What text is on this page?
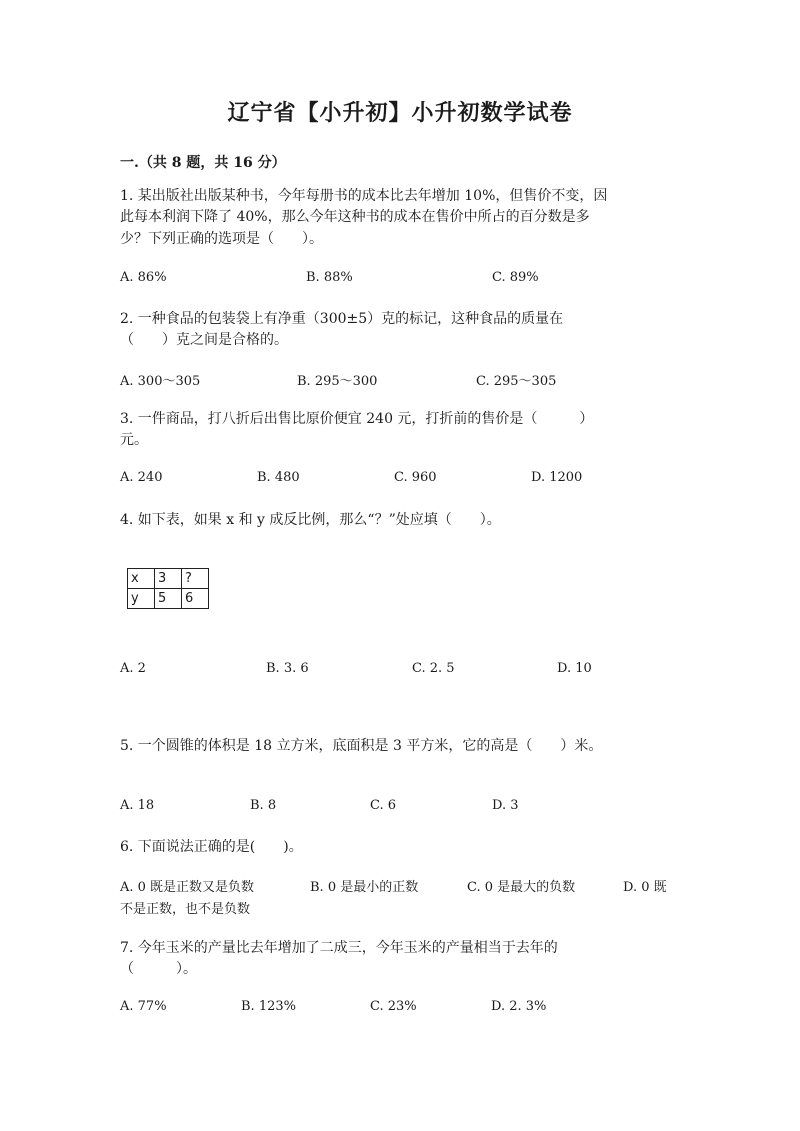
辽宁省【小升初】小升初数学试卷
一.（共 8 题，共 16 分）
1. 某出版社出版某种书，今年每册书的成本比去年增加 10%，但售价不变，因
此每本利润下降了 40%，那么今年这种书的成本在售价中所占的百分数是多
少？下列正确的选项是（　　）。
A. 86%	B. 88%	C. 89%
2. 一种食品的包装袋上有净重（300±5）克的标记，这种食品的质量在
（　　）克之间是合格的。
A. 300～305	B. 295～300	C. 295～305
3. 一件商品，打八折后出售比原价便宜 240 元，打折前的售价是（　　　）
元。
A. 240	B. 480	C. 960	D. 1200
4. 如下表，如果 x 和 y 成反比例，那么“？”处应填（　　）。
x	3	?
y	5	6
A. 2	B. 3. 6	C. 2. 5	D. 10
5. 一个圆锥的体积是 18 立方米，底面积是 3 平方米，它的高是（　　）米。
A. 18	B. 8	C. 6	D. 3
6. 下面说法正确的是(　　)。
A. 0 既是正数又是负数	B. 0 是最小的正数	C. 0 是最大的负数	D. 0 既
不是正数，也不是负数
7. 今年玉米的产量比去年增加了二成三，今年玉米的产量相当于去年的
（　　　）。
A. 77%	B. 123%	C. 23%	D. 2. 3%
